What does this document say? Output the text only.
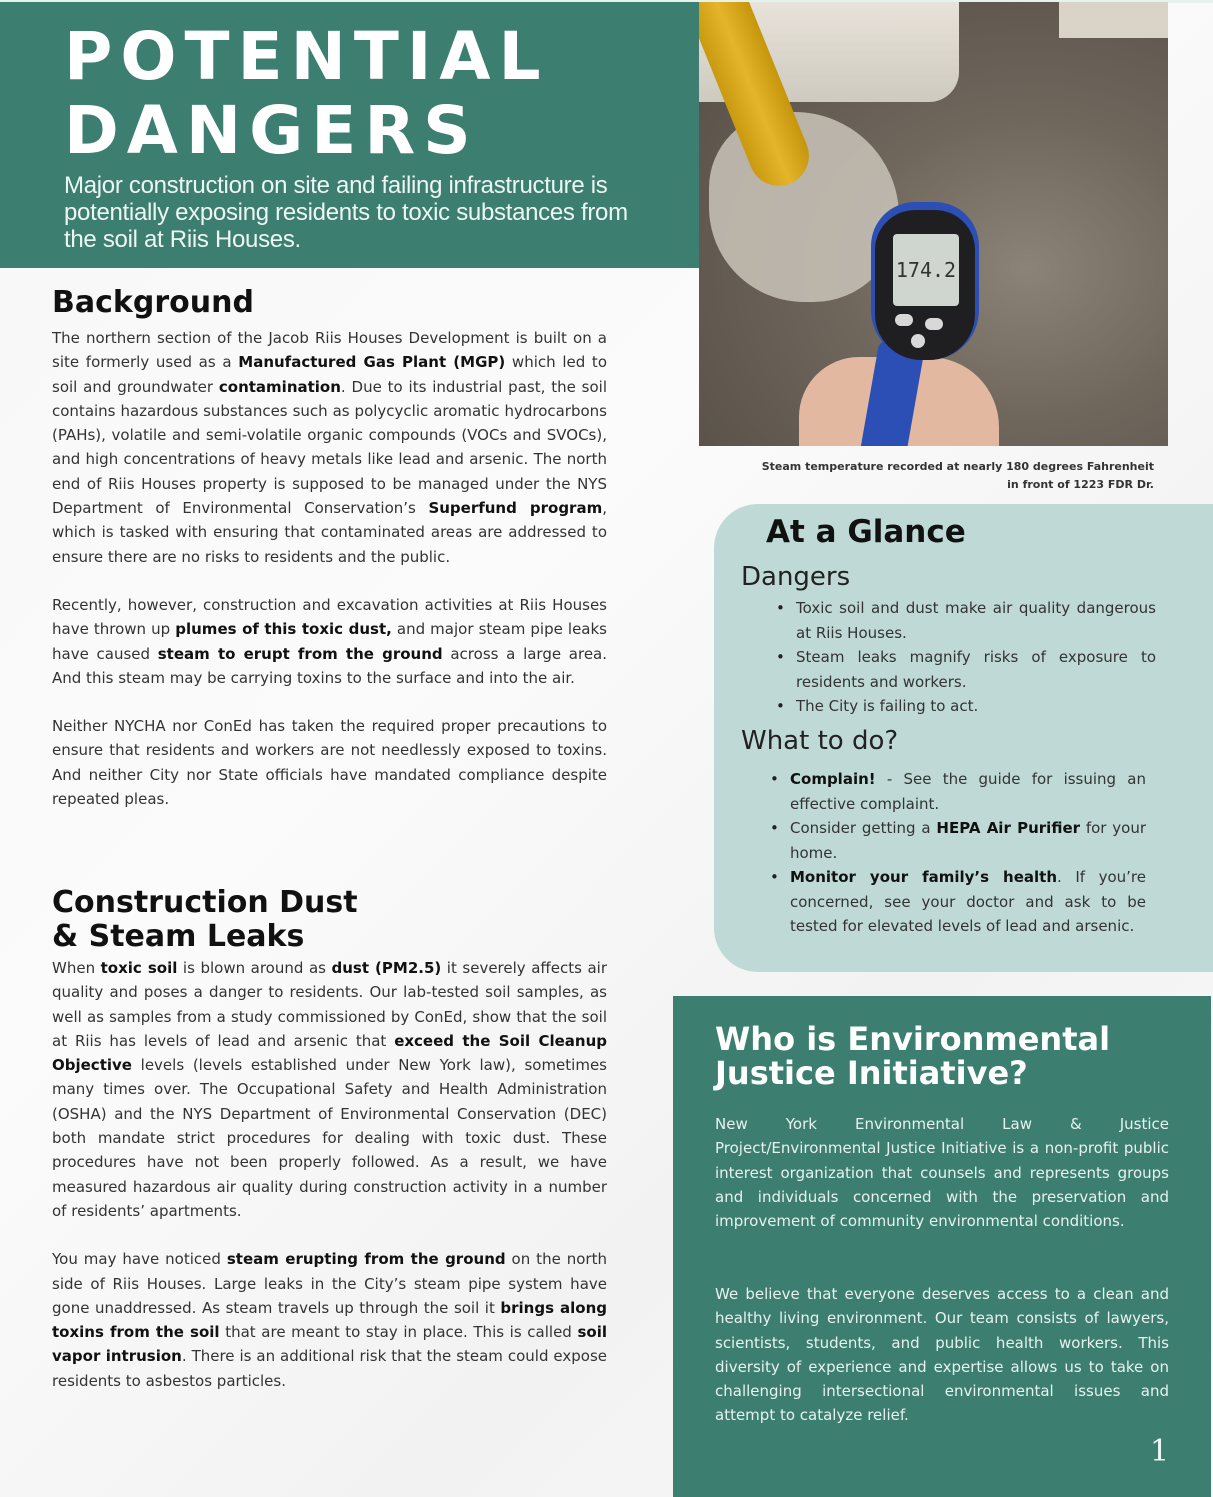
POTENTIAL
DANGERS
Major construction on site and failing infrastructure is potentially exposing residents to toxic substances from the soil at Riis Houses.
174.2
Steam temperature recorded at nearly 180 degrees Fahrenheit
in front of 1223 FDR Dr.
Background

The northern section of the Jacob Riis Houses Development is built on a site formerly used as a Manufactured Gas Plant (MGP) which led to soil and groundwater contamination. Due to its industrial past, the soil contains hazardous substances such as polycyclic aromatic hydrocarbons (PAHs), volatile and semi-volatile organic compounds (VOCs and SVOCs), and high concentrations of heavy metals like lead and arsenic. The north end of Riis Houses property is supposed to be managed under the NYS Department of Environmental Conservation’s Superfund program, which is tasked with ensuring that contaminated areas are addressed to ensure there are no risks to residents and the public.

Recently, however, construction and excavation activities at Riis Houses have thrown up plumes of this toxic dust, and major steam pipe leaks have caused steam to erupt from the ground across a large area. And this steam may be carrying toxins to the surface and into the air.

Neither NYCHA nor ConEd has taken the required proper precautions to ensure that residents and workers are not needlessly exposed to toxins. And neither City nor State officials have mandated compliance despite repeated pleas.

Construction Dust
& Steam Leaks

When toxic soil is blown around as dust (PM2.5) it severely affects air quality and poses a danger to residents. Our lab-tested soil samples, as well as samples from a study commissioned by ConEd, show that the soil at Riis has levels of lead and arsenic that exceed the Soil Cleanup Objective levels (levels established under New York law), sometimes many times over. The Occupational Safety and Health Administration (OSHA) and the NYS Department of Environmental Conservation (DEC) both mandate strict procedures for dealing with toxic dust. These procedures have not been properly followed. As a result, we have measured hazardous air quality during construction activity in a number of residents’ apartments.

You may have noticed steam erupting from the ground on the north side of Riis Houses. Large leaks in the City’s steam pipe system have gone unaddressed. As steam travels up through the soil it brings along toxins from the soil that are meant to stay in place. This is called soil vapor intrusion. There is an additional risk that the steam could expose residents to asbestos particles.

At a Glance
Dangers
• Toxic soil and dust make air quality dangerous at Riis Houses.
• Steam leaks magnify risks of exposure to residents and workers.
• The City is failing to act.
What to do?
• Complain! - See the guide for issuing an effective complaint.
• Consider getting a HEPA Air Purifier for your home.
• Monitor your family’s health. If you’re concerned, see your doctor and ask to be tested for elevated levels of lead and arsenic.
Who is Environmental Justice Initiative?

New York Environmental Law & Justice Project/Environmental Justice Initiative is a non-profit public interest organization that counsels and represents groups and individuals concerned with the preservation and improvement of community environmental conditions.

We believe that everyone deserves access to a clean and healthy living environment. Our team consists of lawyers, scientists, students, and public health workers. This diversity of experience and expertise allows us to take on challenging intersectional environmental issues and attempt to catalyze relief.

1
